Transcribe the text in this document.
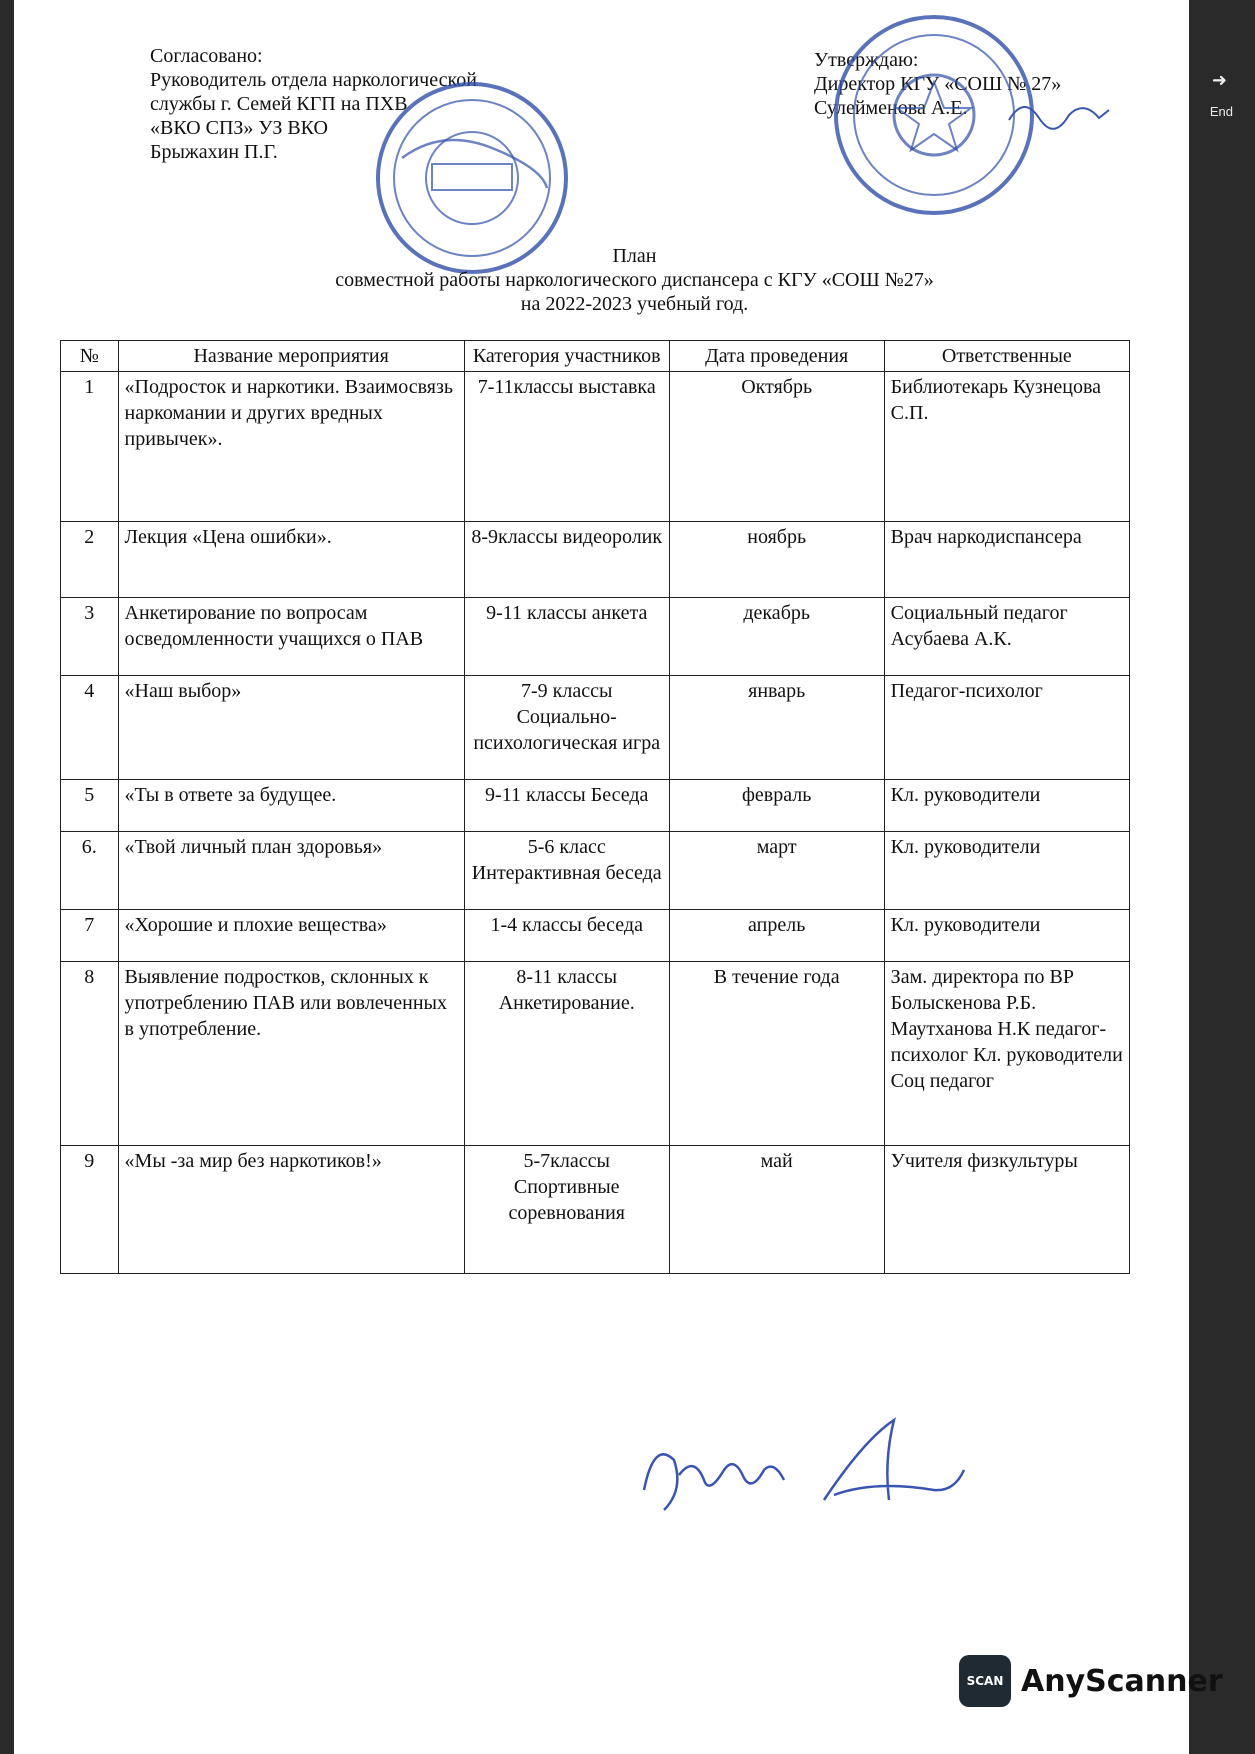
Согласовано:
Руководитель отдела наркологической
службы г. Семей КГП на ПХВ
«ВКО СПЗ» УЗ ВКО
Брыжахин П.Г.
Утверждаю:
Директор КГУ «СОШ № 27»
Сулейменова А.Е.
План
совместной работы наркологического диспансера с КГУ «СОШ №27»
на 2022-2023 учебный год.
№	Название мероприятия	Категория участников	Дата проведения	Ответственные
1	«Подросток и наркотики. Взаимосвязь наркомании и других вредных привычек».	7-11классы выставка	Октябрь	Библиотекарь Кузнецова С.П.
2	Лекция «Цена ошибки».	8-9классы видеоролик	ноябрь	Врач наркодиспансера
3	Анкетирование по вопросам осведомленности учащихся о ПАВ	9-11 классы анкета	декабрь	Социальный педагог Асубаева А.К.
4	«Наш выбор»	7-9 классы Социально-психологическая игра	январь	Педагог-психолог
5	«Ты в ответе за будущее.	9-11 классы Беседа	февраль	Кл. руководители
6.	«Твой личный план здоровья»	5-6 класс Интерактивная беседа	март	Кл. руководители
7	«Хорошие и плохие вещества»	1-4 классы беседа	апрель	Кл. руководители
8	Выявление подростков, склонных к употреблению ПАВ или вовлеченных в употребление.	8-11 классы Анкетирование.	В течение года	Зам. директора по ВР Болыскенова Р.Б. Маутханова Н.К педагог-психолог Кл. руководители Соц педагог
9	«Мы -за мир без наркотиков!»	5-7классы Спортивные соревнования	май	Учителя физкультуры
SCAN AnyScanner
➜
End
